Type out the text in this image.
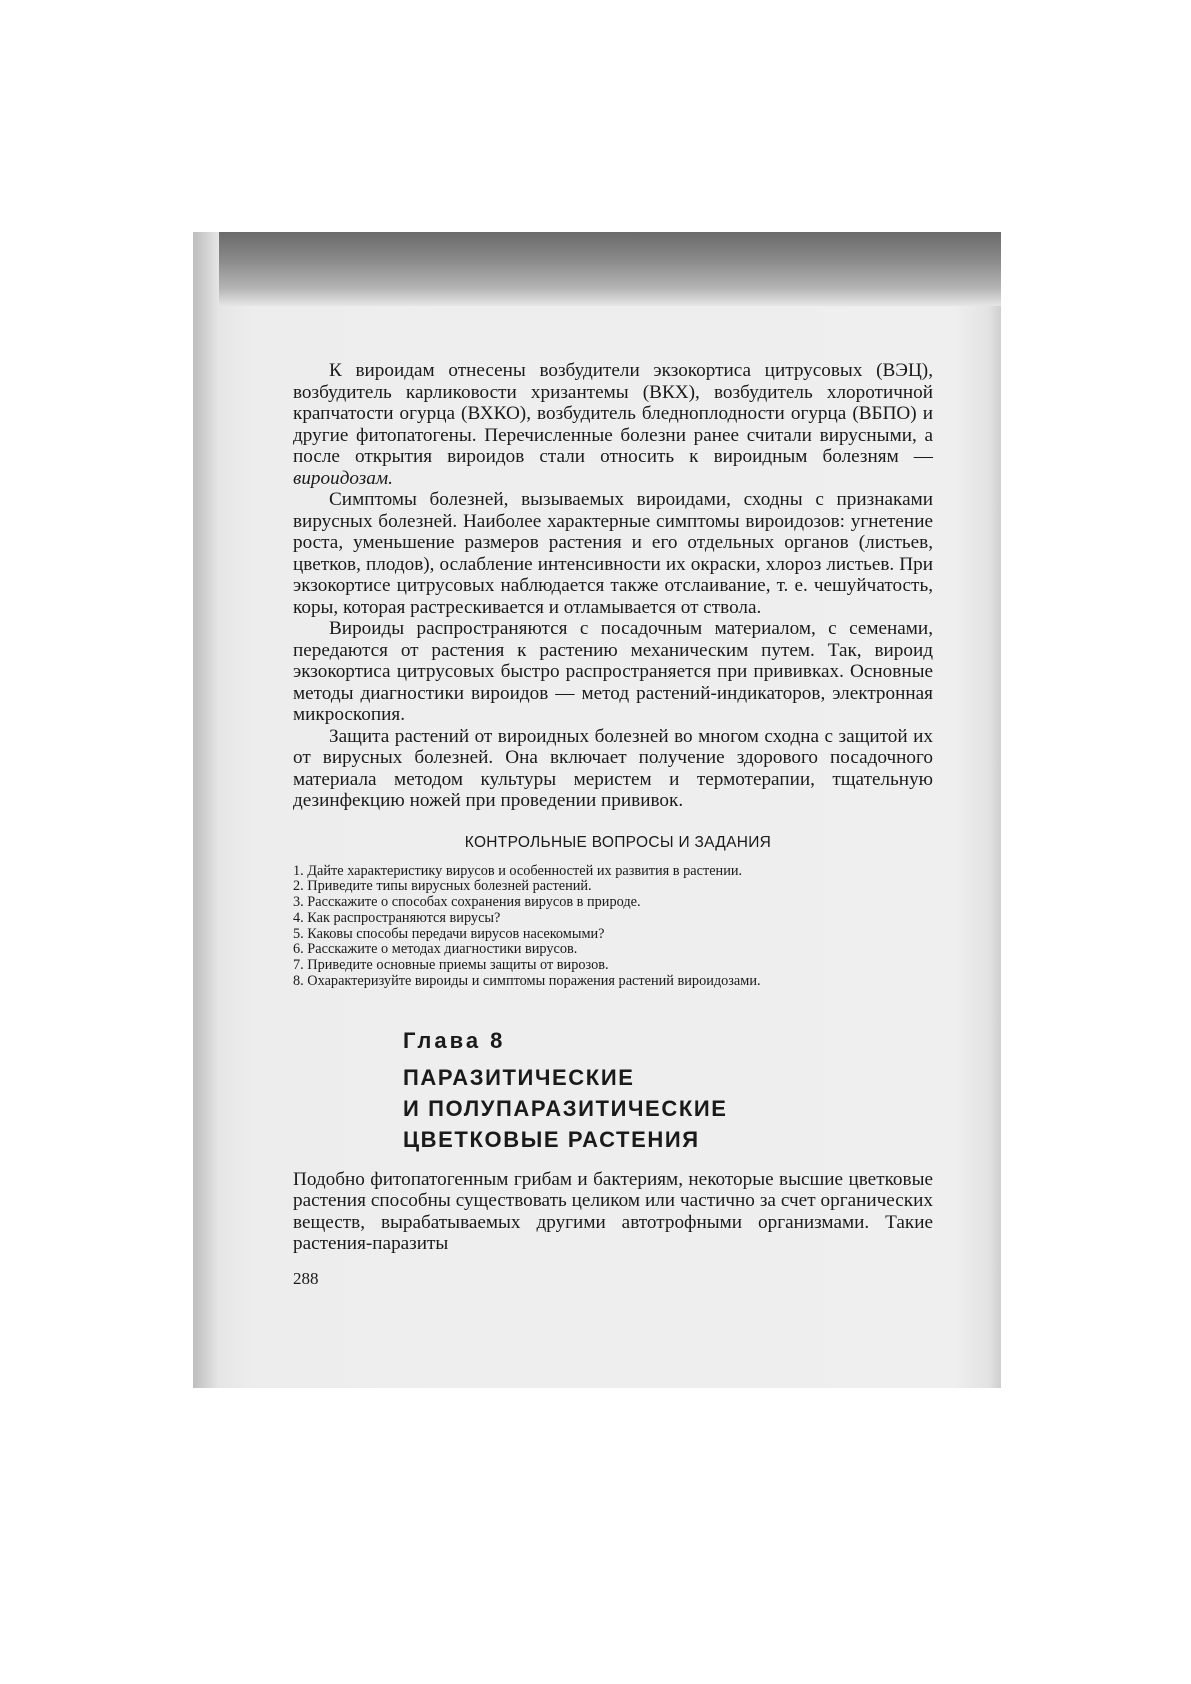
К вироидам отнесены возбудители экзокортиса цитрусовых (ВЭЦ), возбудитель карликовости хризантемы (ВКХ), возбудитель хлоротичной крапчатости огурца (ВХКО), возбудитель бледноплодности огурца (ВБПО) и другие фитопатогены. Перечисленные болезни ранее считали вирусными, а после открытия вироидов стали относить к вироидным болезням — вироидозам.

Симптомы болезней, вызываемых вироидами, сходны с признаками вирусных болезней. Наиболее характерные симптомы вироидозов: угнетение роста, уменьшение размеров растения и его отдельных органов (листьев, цветков, плодов), ослабление интенсивности их окраски, хлороз листьев. При экзокортисе цитрусовых наблюдается также отслаивание, т. е. чешуйчатость, коры, которая растрескивается и отламывается от ствола.

Вироиды распространяются с посадочным материалом, с семенами, передаются от растения к растению механическим путем. Так, вироид экзокортиса цитрусовых быстро распространяется при прививках. Основные методы диагностики вироидов — метод растений-индикаторов, электронная микроскопия.

Защита растений от вироидных болезней во многом сходна с защитой их от вирусных болезней. Она включает получение здорового посадочного материала методом культуры меристем и термотерапии, тщательную дезинфекцию ножей при проведении прививок.

КОНТРОЛЬНЫЕ ВОПРОСЫ И ЗАДАНИЯ
1. Дайте характеристику вирусов и особенностей их развития в растении.
2. Приведите типы вирусных болезней растений.
3. Расскажите о способах сохранения вирусов в природе.
4. Как распространяются вирусы?
5. Каковы способы передачи вирусов насекомыми?
6. Расскажите о методах диагностики вирусов.
7. Приведите основные приемы защиты от вирозов.
8. Охарактеризуйте вироиды и симптомы поражения растений вироидозами.
Глава 8
ПАРАЗИТИЧЕСКИЕ
И ПОЛУПАРАЗИТИЧЕСКИЕ
ЦВЕТКОВЫЕ РАСТЕНИЯ

Подобно фитопатогенным грибам и бактериям, некоторые высшие цветковые растения способны существовать целиком или частично за счет органических веществ, вырабатываемых другими автотрофными организмами. Такие растения-паразиты

288
